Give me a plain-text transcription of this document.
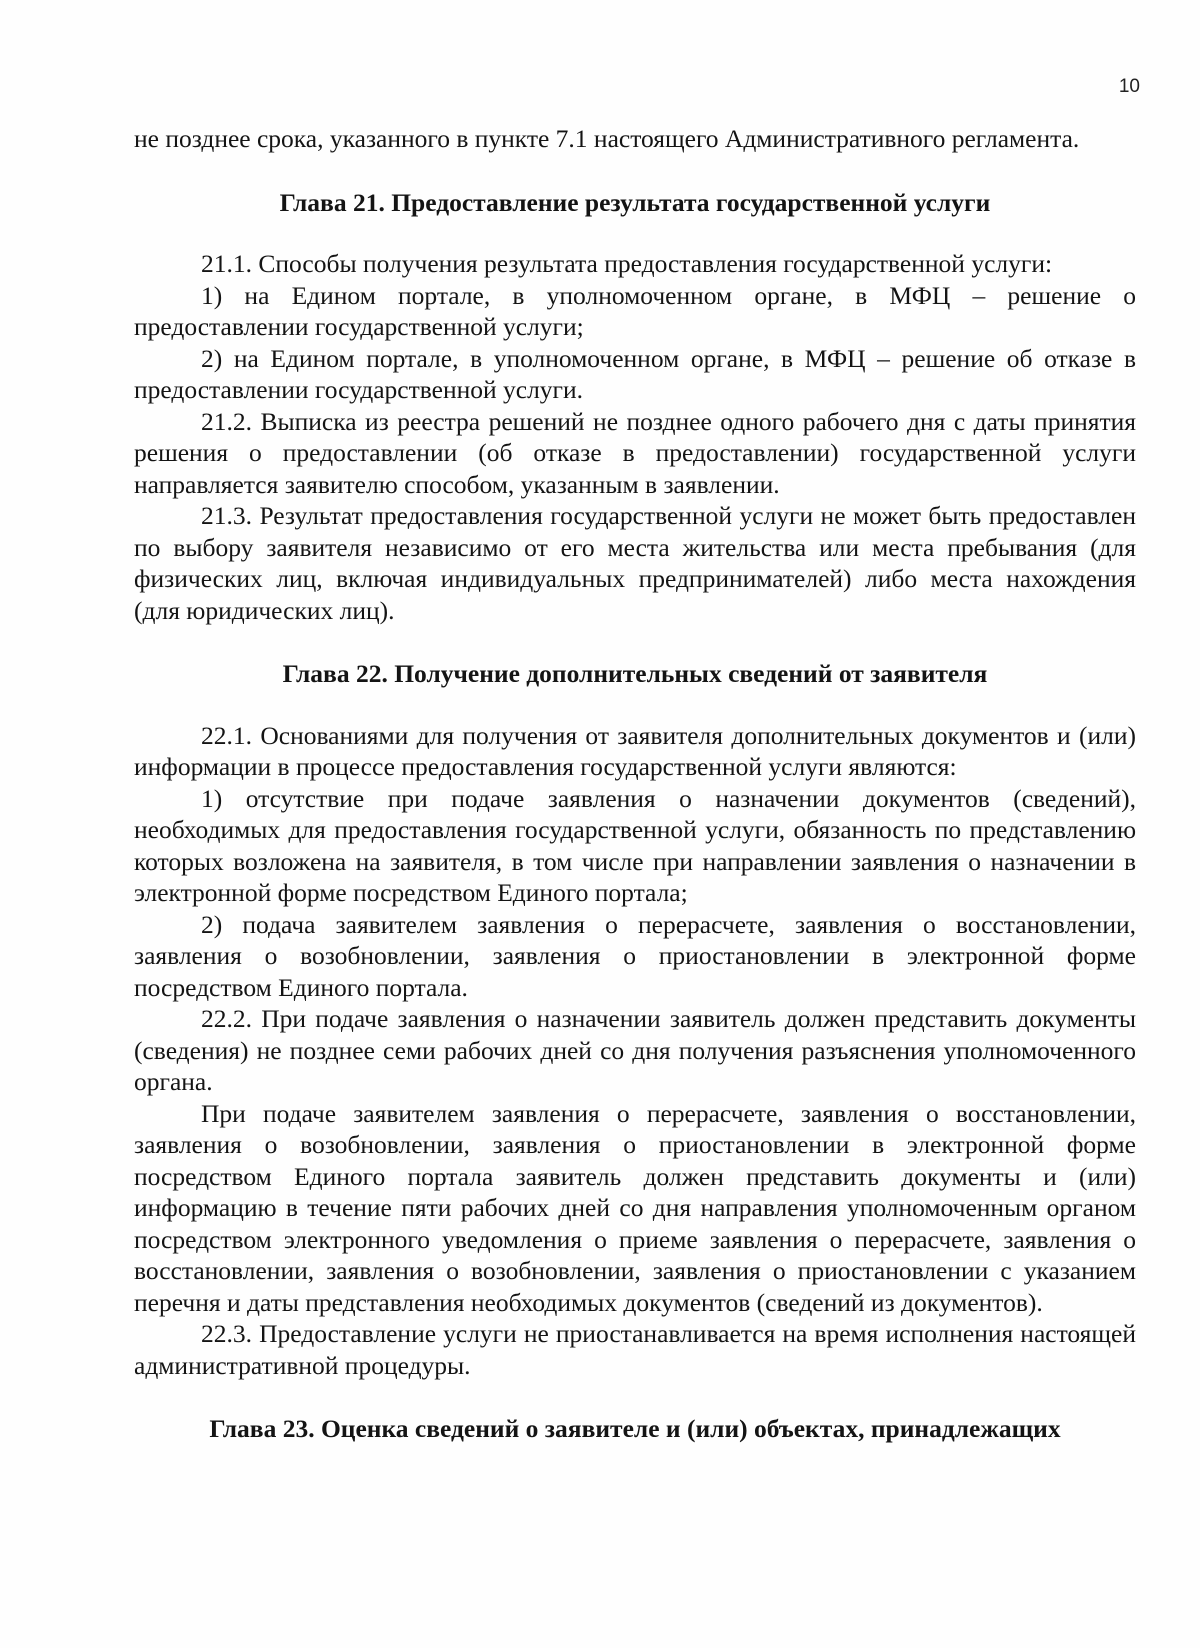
10

не позднее срока, указанного в пункте 7.1 настоящего Административного регламента.

Глава 21. Предоставление результата государственной услуги

21.1. Способы получения результата предоставления государственной услуги:

1) на Едином портале, в уполномоченном органе, в МФЦ – решение о предоставлении государственной услуги;

2) на Едином портале, в уполномоченном органе, в МФЦ – решение об отказе в предоставлении государственной услуги.

21.2. Выписка из реестра решений не позднее одного рабочего дня с даты принятия решения о предоставлении (об отказе в предоставлении) государственной услуги направляется заявителю способом, указанным в заявлении.

21.3. Результат предоставления государственной услуги не может быть предоставлен по выбору заявителя независимо от его места жительства или места пребывания (для физических лиц, включая индивидуальных предпринимателей) либо места нахождения (для юридических лиц).

Глава 22. Получение дополнительных сведений от заявителя

22.1. Основаниями для получения от заявителя дополнительных документов и (или) информации в процессе предоставления государственной услуги являются:

1) отсутствие при подаче заявления о назначении документов (сведений), необходимых для предоставления государственной услуги, обязанность по представлению которых возложена на заявителя, в том числе при направлении заявления о назначении в электронной форме посредством Единого портала;

2) подача заявителем заявления о перерасчете, заявления о восстановлении, заявления о возобновлении, заявления о приостановлении в электронной форме посредством Единого портала.

22.2. При подаче заявления о назначении заявитель должен представить документы (сведения) не позднее семи рабочих дней со дня получения разъяснения уполномоченного органа.

При подаче заявителем заявления о перерасчете, заявления о восстановлении, заявления о возобновлении, заявления о приостановлении в электронной форме посредством Единого портала заявитель должен представить документы и (или) информацию в течение пяти рабочих дней со дня направления уполномоченным органом посредством электронного уведомления о приеме заявления о перерасчете, заявления о восстановлении, заявления о возобновлении, заявления о приостановлении с указанием перечня и даты представления необходимых документов (сведений из документов).

22.3. Предоставление услуги не приостанавливается на время исполнения настоящей административной процедуры.

Глава 23. Оценка сведений о заявителе и (или) объектах, принадлежащих
